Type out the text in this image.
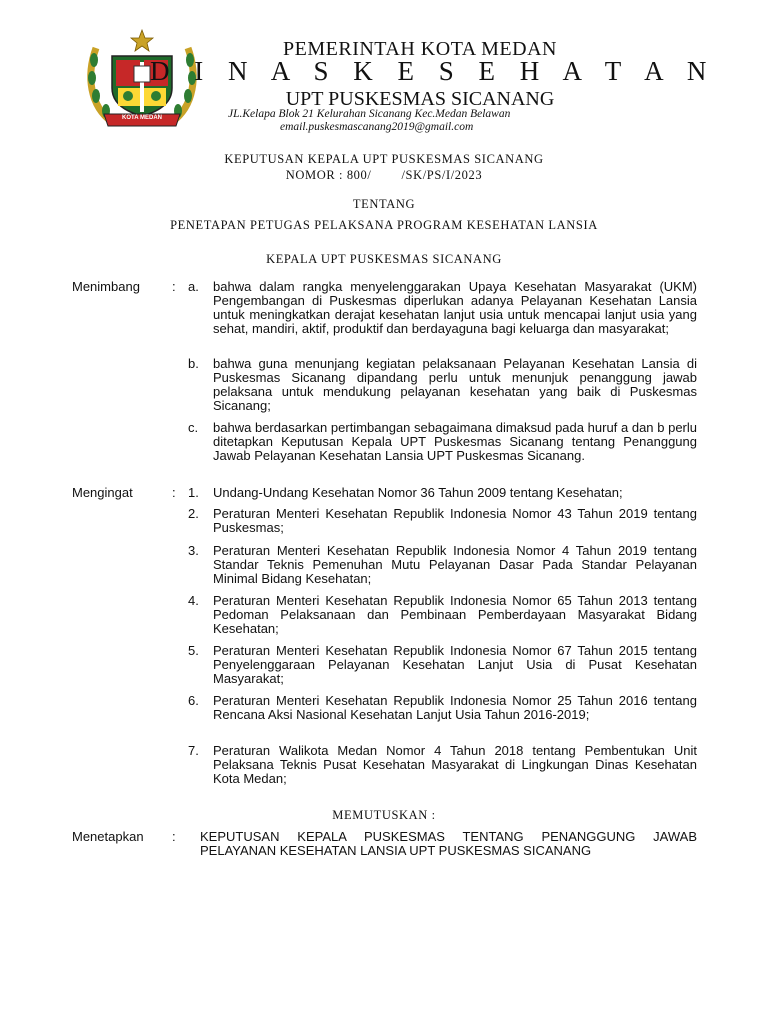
KOTA MEDAN
PEMERINTAH KOTA MEDAN
D I N A S K E S E H A T A N
UPT PUSKESMAS SICANANG
JL.Kelapa Blok 21 Kelurahan Sicanang Kec.Medan Belawan
email.puskesmascanang2019@gmail.com
KEPUTUSAN KEPALA UPT PUSKESMAS SICANANG
NOMOR : 800/ /SK/PS/I/2023
TENTANG
PENETAPAN PETUGAS PELAKSANA PROGRAM KESEHATAN LANSIA
KEPALA UPT PUSKESMAS SICANANG
Menimbang : a. bahwa dalam rangka menyelenggarakan Upaya Kesehatan Masyarakat (UKM) Pengembangan di Puskesmas diperlukan adanya Pelayanan Kesehatan Lansia untuk meningkatkan derajat kesehatan lanjut usia untuk mencapai lanjut usia yang sehat, mandiri, aktif, produktif dan berdayaguna bagi keluarga dan masyarakat;
b. bahwa guna menunjang kegiatan pelaksanaan Pelayanan Kesehatan Lansia di Puskesmas Sicanang dipandang perlu untuk menunjuk penanggung jawab pelaksana untuk mendukung pelayanan kesehatan yang baik di Puskesmas Sicanang;
c. bahwa berdasarkan pertimbangan sebagaimana dimaksud pada huruf a dan b perlu ditetapkan Keputusan Kepala UPT Puskesmas Sicanang tentang Penanggung Jawab Pelayanan Kesehatan Lansia UPT Puskesmas Sicanang.
Mengingat	: 1. Undang-Undang Kesehatan Nomor 36 Tahun 2009 tentang Kesehatan;
2. Peraturan Menteri Kesehatan Republik Indonesia Nomor 43 Tahun 2019 tentang Puskesmas;
3. Peraturan Menteri Kesehatan Republik Indonesia Nomor 4 Tahun 2019 tentang Standar Teknis Pemenuhan Mutu Pelayanan Dasar Pada Standar Pelayanan Minimal Bidang Kesehatan;
4. Peraturan Menteri Kesehatan Republik Indonesia Nomor 65 Tahun 2013 tentang Pedoman Pelaksanaan dan Pembinaan Pemberdayaan Masyarakat Bidang Kesehatan;
5. Peraturan Menteri Kesehatan Republik Indonesia Nomor 67 Tahun 2015 tentang Penyelenggaraan Pelayanan Kesehatan Lanjut Usia di Pusat Kesehatan Masyarakat;
6. Peraturan Menteri Kesehatan Republik Indonesia Nomor 25 Tahun 2016 tentang Rencana Aksi Nasional Kesehatan Lanjut Usia Tahun 2016-2019;
7. Peraturan Walikota Medan Nomor 4 Tahun 2018 tentang Pembentukan Unit Pelaksana Teknis Pusat Kesehatan Masyarakat di Lingkungan Dinas Kesehatan Kota Medan;
MEMUTUSKAN :
Menetapkan : KEPUTUSAN KEPALA PUSKESMAS TENTANG PENANGGUNG JAWAB PELAYANAN KESEHATAN LANSIA UPT PUSKESMAS SICANANG
